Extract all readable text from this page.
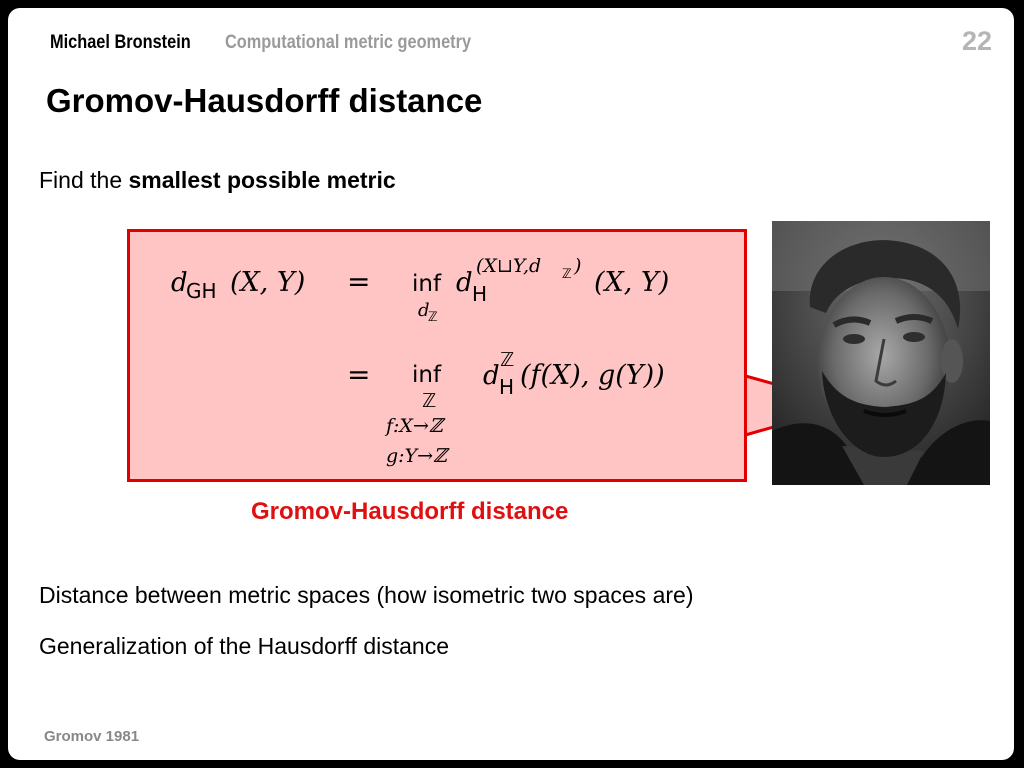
Michael Bronstein Computational metric geometry	22
Gromov-Hausdorff distance
Find the smallest possible metric
d
GH (X, Y) = inf
d
ℤ
d H
(X⊔Y,d ℤ )
(X, Y)
= inf
ℤ
f:X→ℤ
g:Y→ℤ
d H
ℤ (f(X), g(Y))
Gromov-Hausdorff distance
Distance between metric spaces (how isometric two spaces are)
Generalization of the Hausdorff distance
Gromov 1981
